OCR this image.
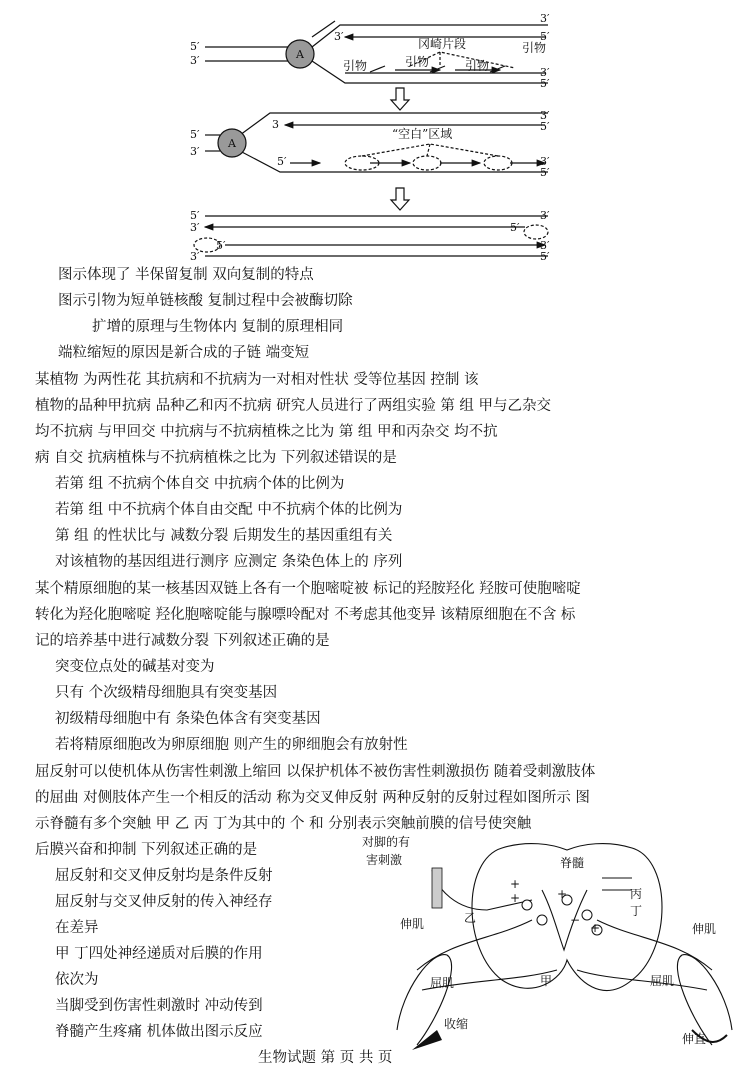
A
A
5′
3′
3′
5′
3′
3′
5′
冈崎片段	引物
引物	引物	引物
5′
3′
3
3′
5′
5′	3′
5′
“空白”区域
5′	3′
3′	5′
5′	3′
3′	5′
对脚的有
害刺激	脊髓
丙
丁
乙
甲
伸肌	伸肌
屈肌	屈肌
收缩
伸直
+
+	+
+
−
图示体现了 半保留复制 双向复制的特点
图示引物为短单链核酸 复制过程中会被酶切除
扩增的原理与生物体内 复制的原理相同
端粒缩短的原因是新合成的子链 端变短
某植物 为两性花 其抗病和不抗病为一对相对性状 受等位基因 控制 该
植物的品种甲抗病 品种乙和丙不抗病 研究人员进行了两组实验 第 组 甲与乙杂交
均不抗病 与甲回交 中抗病与不抗病植株之比为 第 组 甲和丙杂交 均不抗
病 自交 抗病植株与不抗病植株之比为 下列叙述错误的是
若第 组 不抗病个体自交 中抗病个体的比例为
若第 组 中不抗病个体自由交配 中不抗病个体的比例为
第 组 的性状比与 减数分裂 后期发生的基因重组有关
对该植物的基因组进行测序 应测定 条染色体上的 序列
某个精原细胞的某一核基因双链上各有一个胞嘧啶被 标记的羟胺羟化 羟胺可使胞嘧啶
转化为羟化胞嘧啶 羟化胞嘧啶能与腺嘌呤配对 不考虑其他变异 该精原细胞在不含 标
记的培养基中进行减数分裂 下列叙述正确的是
突变位点处的碱基对变为
只有 个次级精母细胞具有突变基因
初级精母细胞中有 条染色体含有突变基因
若将精原细胞改为卵原细胞 则产生的卵细胞会有放射性
屈反射可以使机体从伤害性刺激上缩回 以保护机体不被伤害性刺激损伤 随着受刺激肢体
的屈曲 对侧肢体产生一个相反的活动 称为交叉伸反射 两种反射的反射过程如图所示 图
示脊髓有多个突触 甲 乙 丙 丁为其中的 个 和 分别表示突触前膜的信号使突触
后膜兴奋和抑制 下列叙述正确的是
屈反射和交叉伸反射均是条件反射
屈反射与交叉伸反射的传入神经存
在差异
甲 丁四处神经递质对后膜的作用
依次为
当脚受到伤害性刺激时 冲动传到
脊髓产生疼痛 机体做出图示反应
生物试题 第 页 共 页
